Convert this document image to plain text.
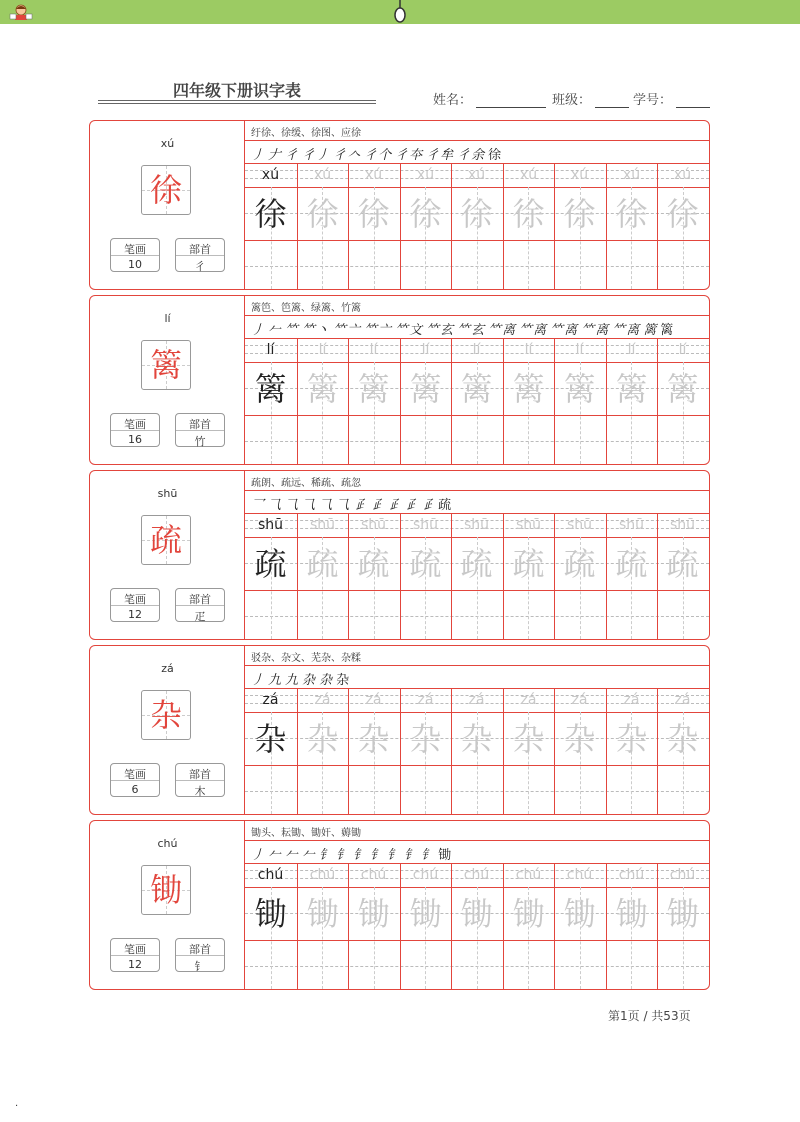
四年级下册识字表
姓名：	班级：	学号：
xú
徐
笔画
10
部首
彳
纡徐、徐缓、徐图、应徐
丿 𠂇 彳 彳丿 彳𠆢 彳个 彳夲 彳牟 彳余 徐
xú	xú	xú	xú	xú	xú	xú	xú	xú
徐 徐 徐 徐 徐 徐 徐 徐 徐
lí
篱
笔画
16
部首
竹
篱笆、笆篱、绿篱、竹篱
丿 𠂉 𥫗 𥫗丶 𥫗亠 𥫗亠 𥫗文 𥫗玄 𥫗玄 𥫗离 𥫗离 𥫗离 𥫗离 𥫗离 篱 篱
lí	lí	lí	lí	lí	lí	lí	lí	lí
篱 篱 篱 篱 篱 篱 篱 篱 篱
shū
疏
笔画
12
部首
疋
疏朗、疏远、稀疏、疏忽
乛 ⺄ ⺄ ⺄ ⺄ ⺄ 𤴔 𤴔 𤴔 𤴔 𤴔 疏
shū	shū	shū	shū	shū	shū	shū	shū	shū
疏 疏 疏 疏 疏 疏 疏 疏 疏
zá
杂
笔画
6
部首
木
驳杂、杂文、芜杂、杂糅
丿 九 九 杂 杂 杂
zá	zá	zá	zá	zá	zá	zá	zá	zá
杂 杂 杂 杂 杂 杂 杂 杂 杂
chú
锄
笔画
12
部首
钅
锄头、耘锄、锄奸、薅锄
丿 𠂉 𠂉 𠂉 钅 钅 钅 钅 钅 钅 钅 锄
chú	chú	chú	chú	chú	chú	chú	chú	chú
锄 锄 锄 锄 锄 锄 锄 锄 锄
第1页 / 共53页
.
